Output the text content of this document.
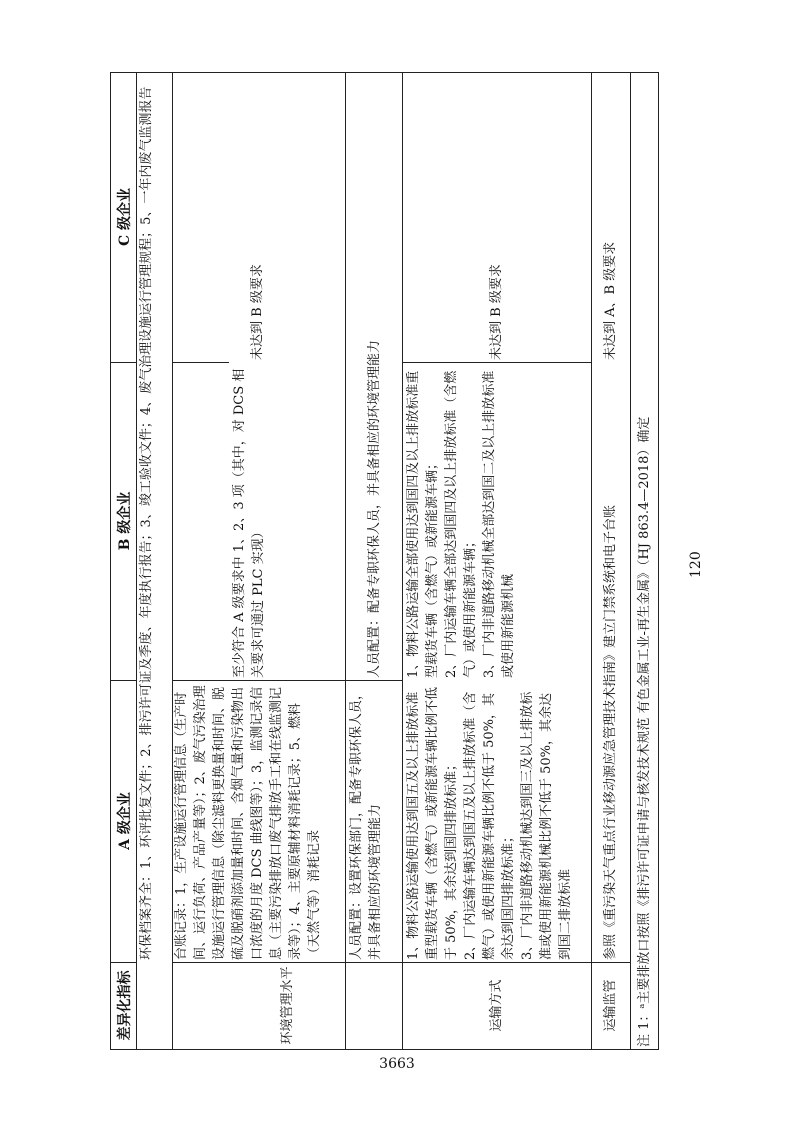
3663
120
差异化指标
A 级企业
B 级企业
C 级企业 环保档案齐全：1、环评批复文件；2、排污许可证及季度、年度执行报告；3、竣工验收文件；4、废气治理设施运行管理规程；5、一年内废气监测报告
环境管理水平
台账记录：1，生产设施运行管理信息（生产时间、运行负荷、产品产量等）；2、废气污染治理设施运行管理信息（除尘滤料更换量和时间、脱硫及脱硝剂添加量和时间、含烟气量和污染物出口浓度的月度 DCS 曲线图等）；3，监测记录信息（主要污染排放口废气排放手工和在线监测记录等）；4、主要原辅材料消耗记录；5、燃料（天然气等）消耗记录
至少符合 A 级要求中 1、2、3 项（其中，对 DCS 相关要求可通过 PLC 实现）
未达到 B 级要求
人员配置：设置环保部门，配备专职环保人员，并具备相应的环境管理能力
人员配置：配备专职环保人员，并具备相应的环境管理能力
运输方式
1、物料公路运输使用达到国五及以上排放标准重型载货车辆（含燃气）或新能源车辆比例不低于 50%，其余达到国四排放标准；
2、厂内运输车辆达到国五及以上排放标准（含燃气）或使用新能源车辆比例不低于 50%，其余达到国四排放标准；
3、厂内非道路移动机械达到国三及以上排放标准或使用新能源机械比例不低于 50%，其余达到国二排放标准
1、物料公路运输全部使用达到国四及以上排放标准重型载货车辆（含燃气）或新能源车辆；
2、厂内运输车辆全部达到国四及以上排放标准（含燃气）或使用新能源车辆；
3、厂内非道路移动机械全部达到国二及以上排放标准或使用新能源机械
未达到 B 级要求
运输监管
参照《重污染天气重点行业移动源应急管理技术指南》建立门禁系统和电子台账
未达到 A、B 级要求
注 1：ᵃ主要排放口按照《排污许可证申请与核发技术规范 有色金属工业-再生金属》（HJ 863.4—2018）确定
